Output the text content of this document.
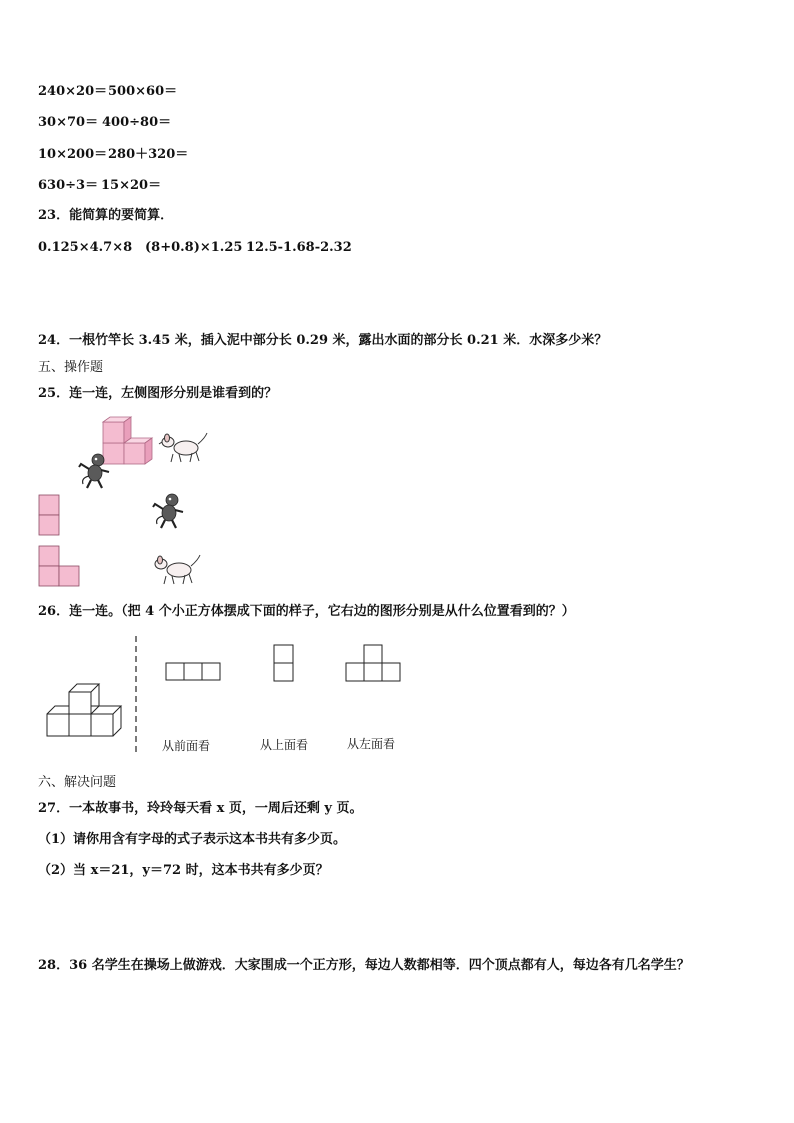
240×20＝ 500×60＝
30×70＝ 400÷80＝
10×200＝ 280＋320＝
630÷3＝ 15×20＝
23．能简算的要简算．
0.125×4.7×8 (8+0.8)×1.25 12.5-1.68-2.32
24．一根竹竿长 3.45 米，插入泥中部分长 0.29 米，露出水面的部分长 0.21 米．水深多少米？
五、操作题
25．连一连，左侧图形分别是谁看到的？
26．连一连。（把 4 个小正方体摆成下面的样子，它右边的图形分别是从什么位置看到的？）
从前面看	从上面看	从左面看
六、解决问题
27．一本故事书，玲玲每天看 x 页，一周后还剩 y 页。
（1）请你用含有字母的式子表示这本书共有多少页。
（2）当 x＝21，y＝72 时，这本书共有多少页？
28．36 名学生在操场上做游戏．大家围成一个正方形，每边人数都相等．四个顶点都有人，每边各有几名学生？
